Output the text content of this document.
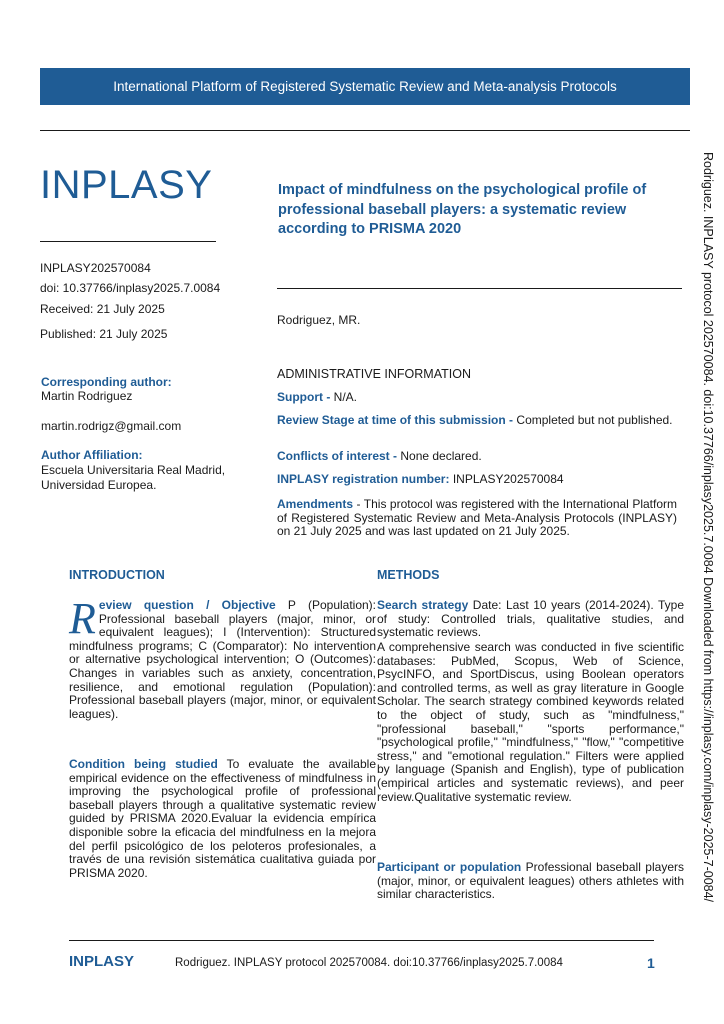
International Platform of Registered Systematic Review and Meta-analysis Protocols
INPLASY
INPLASY202570084
doi: 10.37766/inplasy2025.7.0084
Received: 21 July 2025
Published: 21 July 2025
Impact of mindfulness on the psychological profile of professional baseball players: a systematic review according to PRISMA 2020
Rodriguez, MR.
Corresponding author:
Martin Rodriguez
martin.rodrigz@gmail.com
Author Affiliation:
Escuela Universitaria Real Madrid,
Universidad Europea.
ADMINISTRATIVE INFORMATION
Support - N/A.
Review Stage at time of this submission - Completed but not published.
Conflicts of interest - None declared.
INPLASY registration number: INPLASY202570084
Amendments - This protocol was registered with the International Platform of Registered Systematic Review and Meta-Analysis Protocols (INPLASY) on 21 July 2025 and was last updated on 21 July 2025.
INTRODUCTION
Review question / Objective P (Population): Professional baseball players (major, minor, or equivalent leagues); I (Intervention): Structured mindfulness programs; C (Comparator): No intervention or alternative psychological intervention; O (Outcomes): Changes in variables such as anxiety, concentration, resilience, and emotional regulation (Population): Professional baseball players (major, minor, or equivalent leagues).
Condition being studied To evaluate the available empirical evidence on the effectiveness of mindfulness in improving the psychological profile of professional baseball players through a qualitative systematic review guided by PRISMA 2020.Evaluar la evidencia empírica disponible sobre la eficacia del mindfulness en la mejora del perfil psicológico de los peloteros profesionales, a través de una revisión sistemática cualitativa guiada por PRISMA 2020.
METHODS
Search strategy Date: Last 10 years (2014-2024). Type of study: Controlled trials, qualitative studies, and systematic reviews.
A comprehensive search was conducted in five scientific databases: PubMed, Scopus, Web of Science, PsycINFO, and SportDiscus, using Boolean operators and controlled terms, as well as gray literature in Google Scholar. The search strategy combined keywords related to the object of study, such as "mindfulness," "professional baseball," "sports performance," "psychological profile," "mindfulness," "flow," "competitive stress," and "emotional regulation." Filters were applied by language (Spanish and English), type of publication (empirical articles and systematic reviews), and peer review.Qualitative systematic review.
Participant or population Professional baseball players (major, minor, or equivalent leagues) others athletes with similar characteristics.	Rodriguez. INPLASY protocol 202570084. doi:10.37766/inplasy2025.7.0084 Downloaded from https://inplasy.com/inplasy-2025-7-0084/
INPLASY	Rodriguez. INPLASY protocol 202570084. doi:10.37766/inplasy2025.7.0084	1
